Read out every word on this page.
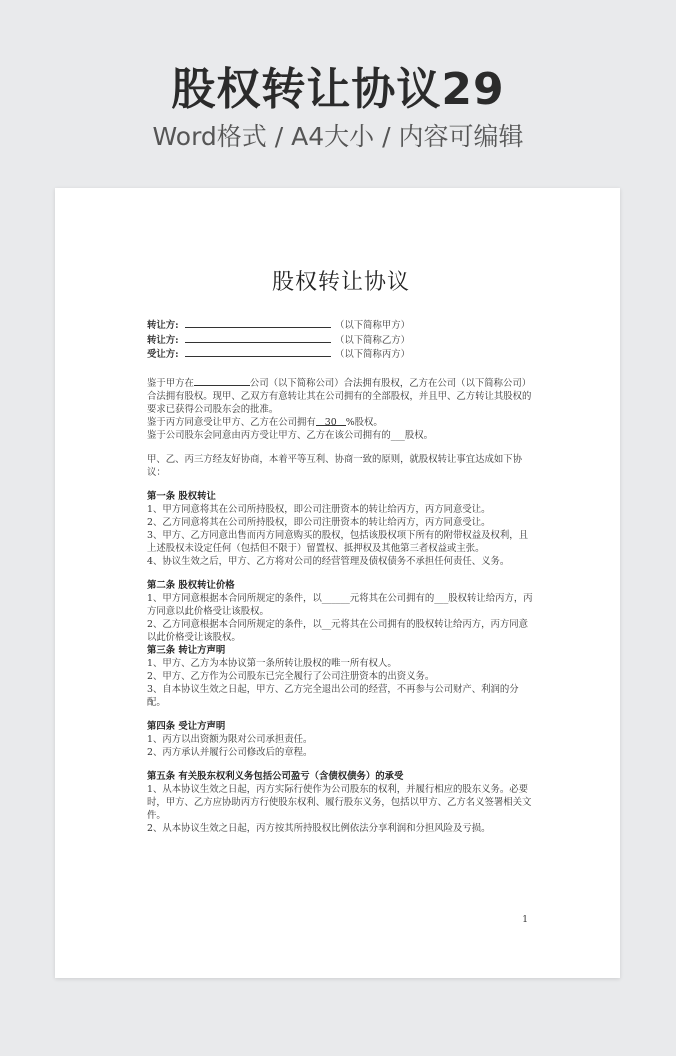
股权转让协议29
Word格式 / A4大小 / 内容可编辑
股权转让协议
转让方:	（以下简称甲方）
转让方:	（以下简称乙方）
受让方:	（以下简称丙方）

鉴于甲方在	公司（以下简称公司）合法拥有股权，乙方在公司（以下简称公司）合法拥有股权。现甲、乙双方有意转让其在公司拥有的全部股权，并且甲、乙方转让其股权的要求已获得公司股东会的批准。

鉴于丙方同意受让甲方、乙方在公司拥有 30 %股权。

鉴于公司股东会同意由丙方受让甲方、乙方在该公司拥有的___股权。

甲、乙、丙三方经友好协商，本着平等互利、协商一致的原则，就股权转让事宜达成如下协议：

第一条 股权转让

1、甲方同意将其在公司所持股权，即公司注册资本的转让给丙方，丙方同意受让。

2、乙方同意将其在公司所持股权，即公司注册资本的转让给丙方，丙方同意受让。

3、甲方、乙方同意出售而丙方同意购买的股权，包括该股权项下所有的附带权益及权利，且上述股权未设定任何（包括但不限于）留置权、抵押权及其他第三者权益或主张。

4、协议生效之后，甲方、乙方将对公司的经营管理及债权债务不承担任何责任、义务。

第二条 股权转让价格

1、甲方同意根据本合同所规定的条件，以______元将其在公司拥有的___股权转让给丙方，丙方同意以此价格受让该股权。

2、乙方同意根据本合同所规定的条件，以__元将其在公司拥有的股权转让给丙方，丙方同意以此价格受让该股权。

第三条 转让方声明

1、甲方、乙方为本协议第一条所转让股权的唯一所有权人。

2、甲方、乙方作为公司股东已完全履行了公司注册资本的出资义务。

3、自本协议生效之日起，甲方、乙方完全退出公司的经营，不再参与公司财产、利润的分配。

第四条 受让方声明

1、丙方以出资额为限对公司承担责任。

2、丙方承认并履行公司修改后的章程。

第五条 有关股东权利义务包括公司盈亏（含债权债务）的承受

1、从本协议生效之日起，丙方实际行使作为公司股东的权利，并履行相应的股东义务。必要时，甲方、乙方应协助丙方行使股东权利、履行股东义务，包括以甲方、乙方名义签署相关文件。

2、从本协议生效之日起，丙方按其所持股权比例依法分享利润和分担风险及亏损。

1
